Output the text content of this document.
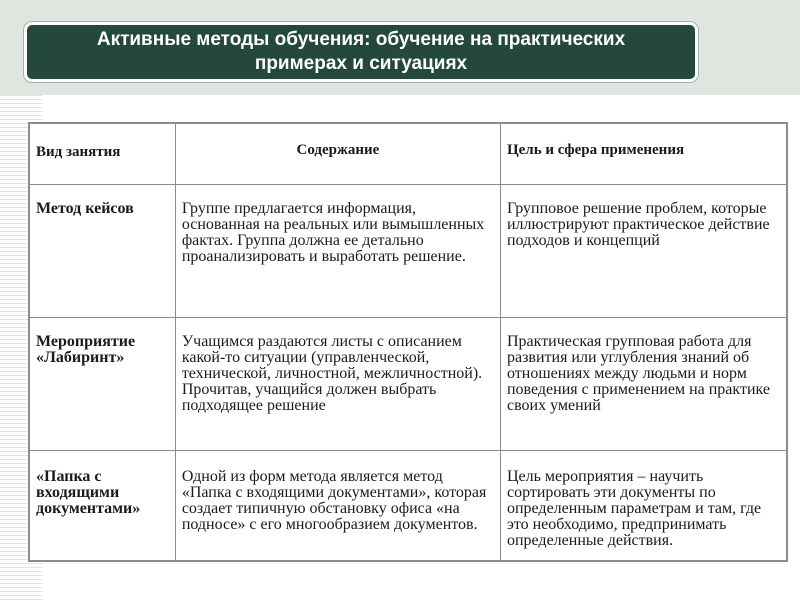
Активные методы обучения: обучение на практических примерах и ситуациях
Вид занятия	Содержание	Цель и сфера применения
Метод кейсов	Группе предлагается информация, основанная на реальных или вымышленных фактах. Группа должна ее детально проанализировать и выработать решение.	Групповое решение проблем, которые иллюстрируют практическое действие подходов и концепций
Мероприятие «Лабиринт»	Учащимся раздаются листы с описанием какой-то ситуации (управленческой, технической, личностной, межличностной). Прочитав, учащийся должен выбрать подходящее решение	Практическая групповая работа для развития или углубления знаний об отношениях между людьми и норм поведения с применением на практике своих умений
«Папка с входящими документами»	Одной из форм метода является метод «Папка с входящими документами», которая создает типичную обстановку офиса «на подносе» с его многообразием документов.	Цель мероприятия – научить сортировать эти документы по определенным параметрам и там, где это необходимо, предпринимать определенные действия.
